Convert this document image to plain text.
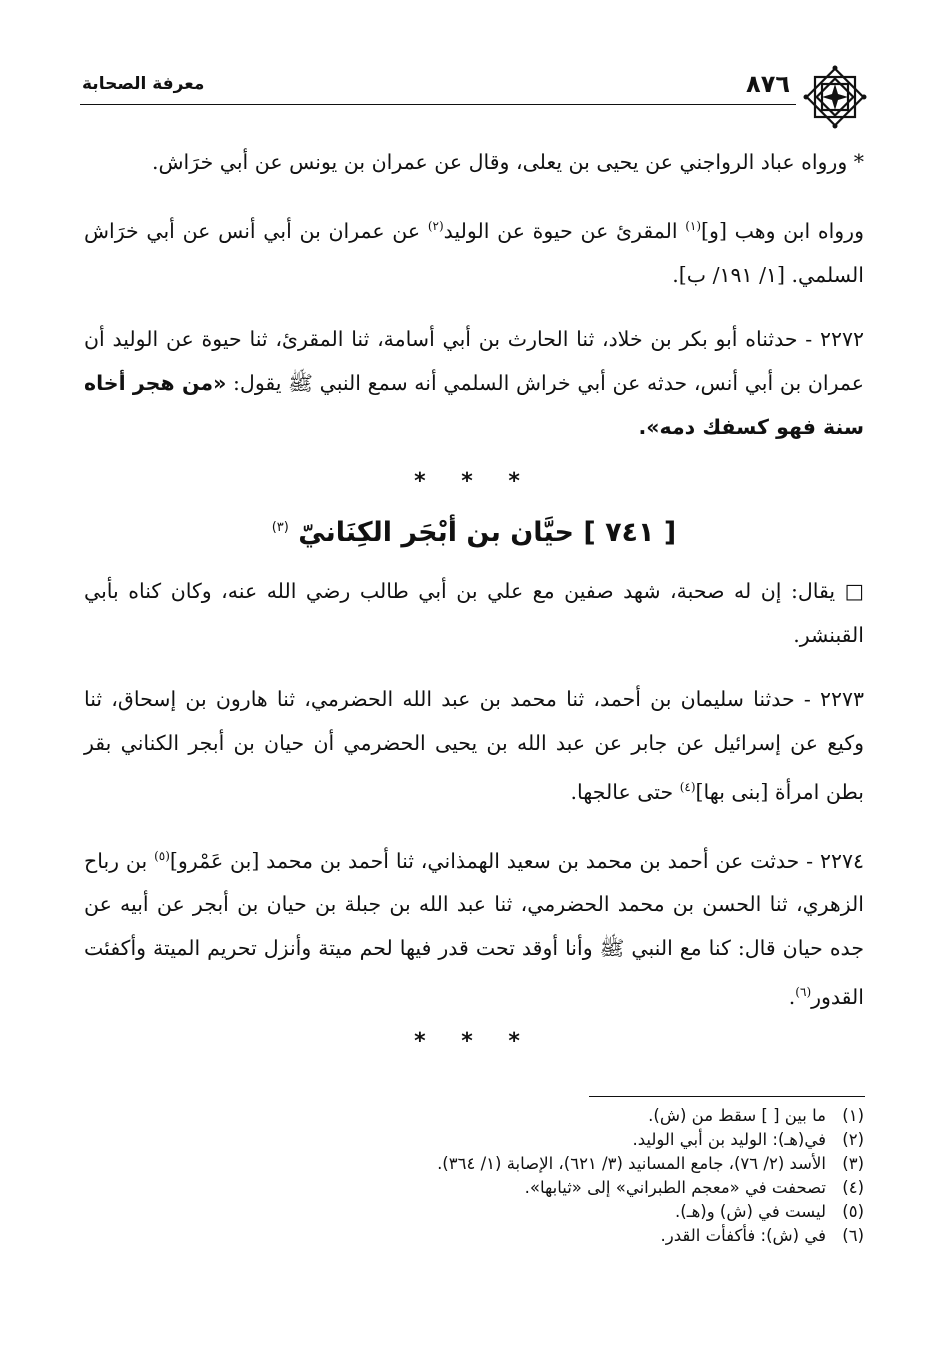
٨٧٦
معرفة الصحابة

* ورواه عباد الرواجني عن يحيى بن يعلى، وقال عن عمران بن يونس عن أبي خرَاش.

ورواه ابن وهب [و]$^{(١)}$ المقرئ عن حيوة عن الوليد$^{(٢)}$ عن عمران بن أبي أنس عن أبي خرَاش السلمي. [١/ ١٩١/ ب].

٢٢٧٢ - حدثناه أبو بكر بن خلاد، ثنا الحارث بن أبي أسامة، ثنا المقرئ، ثنا حيوة عن الوليد أن عمران بن أبي أنس، حدثه عن أبي خراش السلمي أنه سمع النبي ﷺ يقول: «من هجر أخاه سنة فهو كسفك دمه».

* * *
[ ٧٤١ ] حيَّان بن أبْجَر الكِنَانيّ $^{(٣)}$

□ يقال: إن له صحبة، شهد صفين مع علي بن أبي طالب رضي الله عنه، وكان كناه بأبي القبنشر.

٢٢٧٣ - حدثنا سليمان بن أحمد، ثنا محمد بن عبد الله الحضرمي، ثنا هارون بن إسحاق، ثنا وكيع عن إسرائيل عن جابر عن عبد الله بن يحيى الحضرمي أن حيان بن أبجر الكناني بقر بطن امرأة [بنى بها]$^{(٤)}$ حتى عالجها.

٢٢٧٤ - حدثت عن أحمد بن محمد بن سعيد الهمذاني، ثنا أحمد بن محمد [بن عَمْرو]$^{(٥)}$ بن رباح الزهري، ثنا الحسن بن محمد الحضرمي، ثنا عبد الله بن جبلة بن حيان بن أبجر عن أبيه عن جده حيان قال: كنا مع النبي ﷺ وأنا أوقد تحت قدر فيها لحم ميتة وأنزل تحريم الميتة وأكفئت القدور$^{(٦)}$.

* * *

(١)ما بين [ ] سقط من (ش).

(٢)في(هـ): الوليد بن أبي الوليد.

(٣)الأسد (٢/ ٧٦)، جامع المسانيد (٣/ ٦٢١)، الإصابة (١/ ٣٦٤).

(٤)تصحفت في «معجم الطبراني» إلى «ثيابها».

(٥)ليست في (ش) و(هـ).

(٦)في (ش): فأكفأت القدر.
